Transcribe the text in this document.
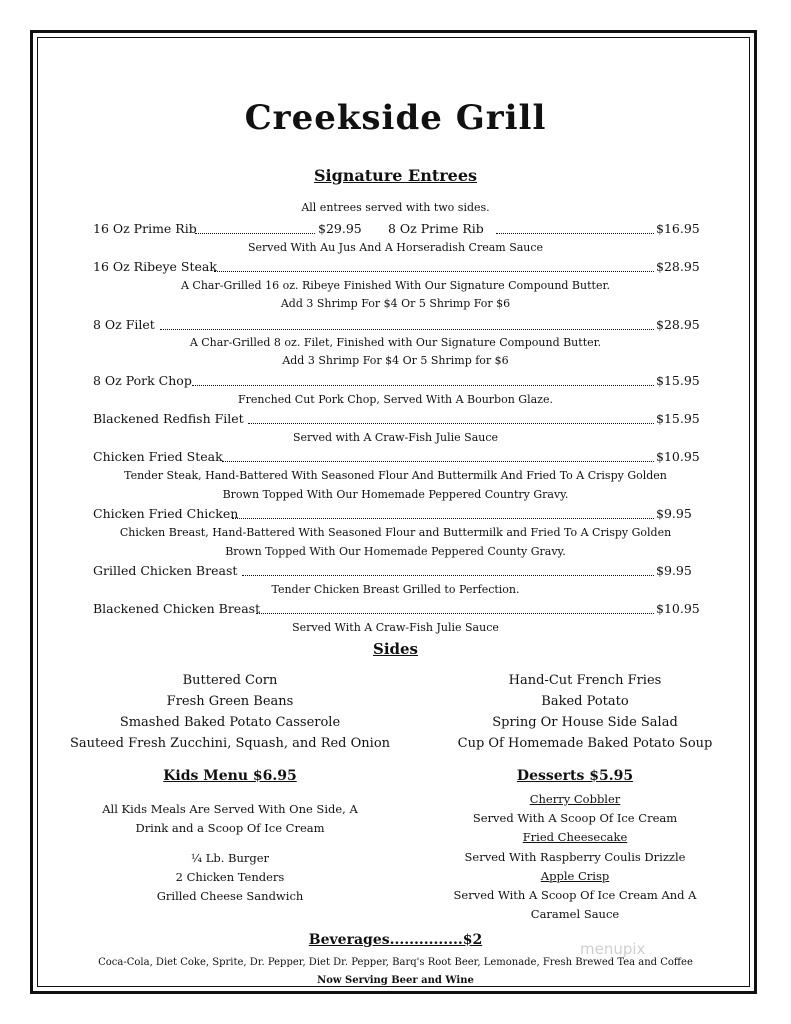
Creekside Grill
Signature Entrees
All entrees served with two sides.
16 Oz Prime Rib	$29.95 8 Oz Prime Rib	$16.95
Served With Au Jus And A Horseradish Cream Sauce
16 Oz Ribeye Steak	$28.95
A Char-Grilled 16 oz. Ribeye Finished With Our Signature Compound Butter.
Add 3 Shrimp For $4 Or 5 Shrimp For $6
8 Oz Filet	$28.95
A Char-Grilled 8 oz. Filet, Finished with Our Signature Compound Butter.
Add 3 Shrimp For $4 Or 5 Shrimp for $6
8 Oz Pork Chop	$15.95
Frenched Cut Pork Chop, Served With A Bourbon Glaze.
Blackened Redfish Filet	$15.95
Served with A Craw-Fish Julie Sauce
Chicken Fried Steak	$10.95
Tender Steak, Hand-Battered With Seasoned Flour And Buttermilk And Fried To A Crispy Golden
Brown Topped With Our Homemade Peppered Country Gravy.
Chicken Fried Chicken	$9.95
Chicken Breast, Hand-Battered With Seasoned Flour and Buttermilk and Fried To A Crispy Golden
Brown Topped With Our Homemade Peppered County Gravy.
Grilled Chicken Breast	$9.95
Tender Chicken Breast Grilled to Perfection.
Blackened Chicken Breast	$10.95
Served With A Craw-Fish Julie Sauce
Sides
Buttered Corn
Fresh Green Beans
Smashed Baked Potato Casserole
Sauteed Fresh Zucchini, Squash, and Red Onion
Hand-Cut French Fries
Baked Potato
Spring Or House Side Salad
Cup Of Homemade Baked Potato Soup
Kids Menu $6.95
All Kids Meals Are Served With One Side, A
Drink and a Scoop Of Ice Cream
¼ Lb. Burger
2 Chicken Tenders
Grilled Cheese Sandwich
Desserts $5.95
Cherry Cobbler
Served With A Scoop Of Ice Cream
Fried Cheesecake
Served With Raspberry Coulis Drizzle
Apple Crisp
Served With A Scoop Of Ice Cream And A
Caramel Sauce
Beverages...............$2
Coca-Cola, Diet Coke, Sprite, Dr. Pepper, Diet Dr. Pepper, Barq's Root Beer, Lemonade, Fresh Brewed Tea and Coffee
Now Serving Beer and Wine
menupix
